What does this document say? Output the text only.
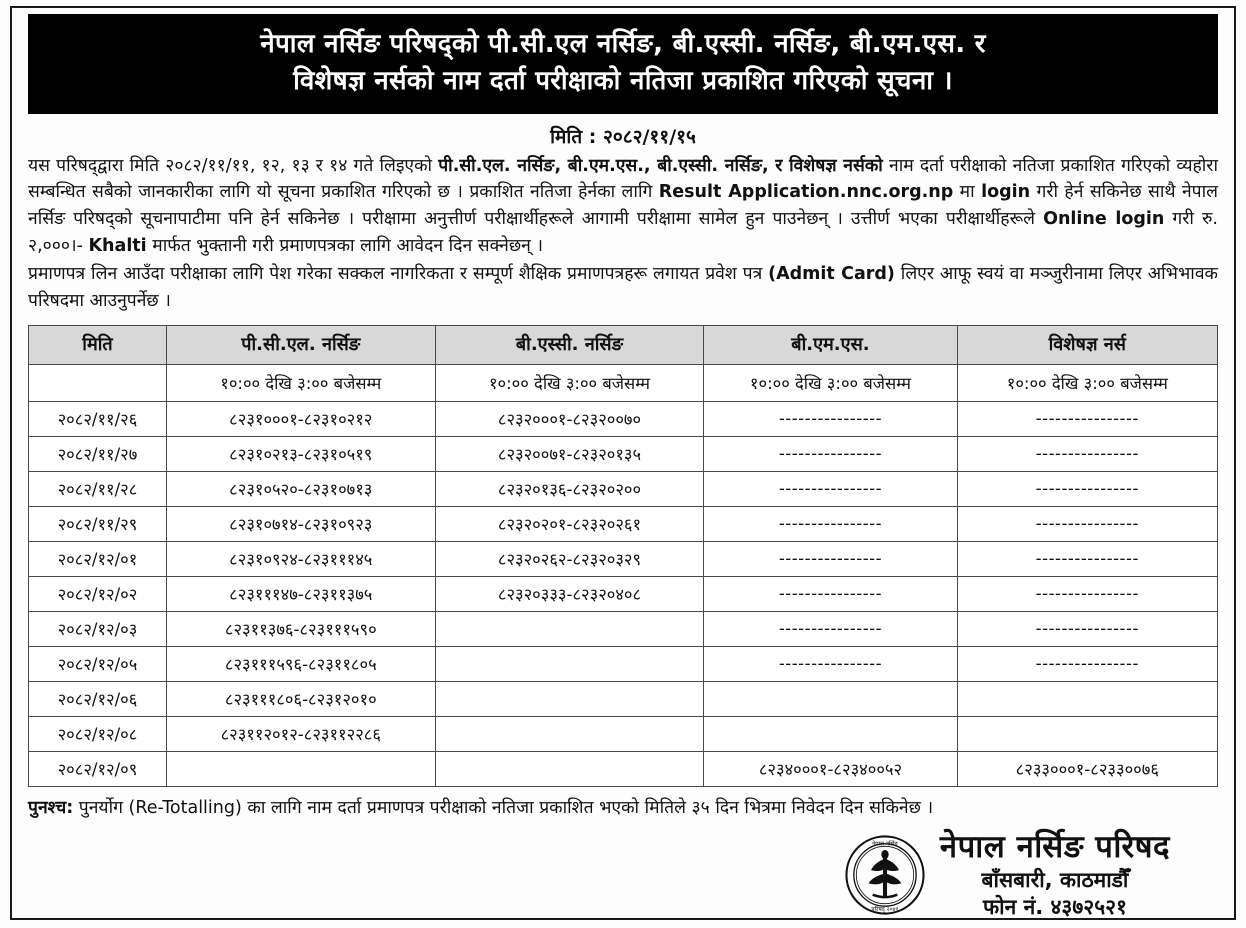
नेपाल नर्सिङ परिषद्को पी.सी.एल नर्सिङ, बी.एस्सी. नर्सिङ, बी.एम.एस. र
विशेषज्ञ नर्सको नाम दर्ता परीक्षाको नतिजा प्रकाशित गरिएको सूचना ।
मिति : २०८२/११/१५

यस परिषद्‌द्वारा मिति २०८२/११/११, १२, १३ र १४ गते लिइएको पी.सी.एल. नर्सिङ, बी.एम.एस., बी.एस्सी. नर्सिङ, र विशेषज्ञ नर्सको नाम दर्ता परीक्षाको नतिजा प्रकाशित गरिएको व्यहोरा सम्बन्धित सबैको जानकारीका लागि यो सूचना प्रकाशित गरिएको छ । प्रकाशित नतिजा हेर्नका लागि Result Application.nnc.org.np मा login गरी हेर्न सकिनेछ साथै नेपाल नर्सिङ परिषद्को सूचनापाटीमा पनि हेर्न सकिनेछ । परीक्षामा अनुत्तीर्ण परीक्षार्थीहरूले आगामी परीक्षामा सामेल हुन पाउनेछन् । उत्तीर्ण भएका परीक्षार्थीहरूले Online login गरी रु. २,०००।- Khalti मार्फत भुक्तानी गरी प्रमाणपत्रका लागि आवेदन दिन सक्नेछन् ।

प्रमाणपत्र लिन आउँदा परीक्षाका लागि पेश गरेका सक्कल नागरिकता र सम्पूर्ण शैक्षिक प्रमाणपत्रहरू लगायत प्रवेश पत्र (Admit Card) लिएर आफू स्वयं वा मञ्जुरीनामा लिएर अभिभावक परिषदमा आउनुपर्नेछ ।

मिति	पी.सी.एल. नर्सिङ	बी.एस्सी. नर्सिङ	बी.एम.एस.	विशेषज्ञ नर्स
	१०:०० देखि ३:०० बजेसम्म	१०:०० देखि ३:०० बजेसम्म	१०:०० देखि ३:०० बजेसम्म	१०:०० देखि ३:०० बजेसम्म
२०८२/११/२६	८२३१०००१-८२३१०२१२	८२३२०००१-८२३२००७०	----------------	----------------
२०८२/११/२७	८२३१०२१३-८२३१०५१९	८२३२००७१-८२३२०१३५	----------------	----------------
२०८२/११/२८	८२३१०५२०-८२३१०७१३	८२३२०१३६-८२३२०२००	----------------	----------------
२०८२/११/२९	८२३१०७१४-८२३१०९२३	८२३२०२०१-८२३२०२६१	----------------	----------------
२०८२/१२/०१	८२३१०९२४-८२३१११४५	८२३२०२६२-८२३२०३२९	----------------	----------------
२०८२/१२/०२	८२३१११४७-८२३११३७५	८२३२०३३३-८२३२०४०८	----------------	----------------
२०८२/१२/०३	८२३११३७६-८२३१११५९०		----------------	----------------
२०८२/१२/०५	८२३१११५९६-८२३११८०५		----------------	----------------
२०८२/१२/०६	८२३१११८०६-८२३१२०१०			
२०८२/१२/०८	८२३११२०१२-८२३११२२८६			
२०८२/१२/०९			८२३४०००१-८२३४००५२	८२३३०००१-८२३३००७६
पुनश्च: पुनर्योग (Re-Totalling) का लागि नाम दर्ता प्रमाणपत्र परीक्षाको नतिजा प्रकाशित भएको मितिले ३५ दिन भित्रमा निवेदन दिन सकिनेछ ।
नेपाल नर्सिङ
परिषद् २०४१
नेपाल नर्सिङ परिषद
बाँसबारी, काठमाडौँ
फोन नं. ४३७२५२१
